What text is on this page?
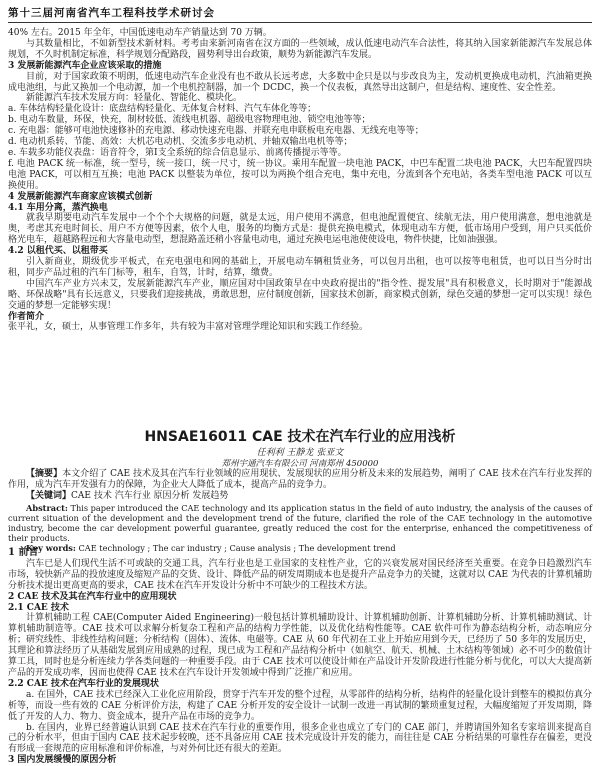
第十三届河南省汽车工程科技学术研讨会

40% 左右。2015 年全年，中国低速电动车产销量达到 70 万辆。

与其数量相比，不如新型技术新材料。考考由来新河南省在汉方面的一些领域，成认低速电动汽车合法性，将其纳入国家新能源汽车发展总体规划，不久时机制定标准，科学规划分配路段，圆势利导出台政策，顺势为新能源汽车发展。

3 发展新能源汽车企业应该采取的措施

目前，对于国家政策不明朗，低速电动汽车企业没有也不敢从长远考虑，大多数中企只是以与步改良为主，发动机更换成电动机，汽油箱更换成电池组，与此又换加一个电动源，加一个电机控制器，加一个 DCDC，换一个仪表板，真然导出这制户，但是结构、速度性、安全性差。

新能源汽车技术发展方向：轻量化、智能化、模块化。

a. 车体结构轻量化设计：底盘结构轻量化、无体复合材料、汽气车体化等等；

b. 电动车数量，环保，快充，制材较低、流线电机器、超级电容物理电池、锁空电池等等；

c. 充电器：能够可电池快速修补的充电源、移动快速充电器、并联充电申联板电充电器、无线充电等等；

d. 电动机系转、节能、高效：大机芯电动机、交流多步电动机、并轴双输出电机等等；

e. 车载多功能仪表盘：语音符令，第Ⅰ支全系统的综合信息显示、前离传播提示等等。

f. 电池 PACK 统一标准，统一型号，统一接口，统一尺寸，统一协议。乘用车配置一块电池 PACK，中巴车配置二块电池 PACK，大巴车配置四块电池 PACK，可以相互互换；电池 PACK 以整装为单位，按可以为两换个组合充电，集中充电，分流到各个充电站，各类车型电池 PACK 可以互换使用。

4 发展新能源汽车商家应该模式创新

4.1 车用分离，蒸汽换电

就我早期要电动汽车发展中一个个个大规格的问题，就是太远，用户使用不满意，但电池配置便宜、续航无法，用户使用满意，想电池就是奥，考虑其充电时间长、用户不方便等因素，依个人电，服务的均衡方式是：提供充换电模式，体现电动车方便，低市场用户受到，用户只买低价格光电车，超越路程远和大容量电动型，想混路盖还稍小容量电动电，通过充换电运电池使使设电，物件快捷，比如油强强。

4.2 以租代买、以租带买

引入新商业，期级优步平板式，在充电强电和网的基础上，开展电动车辆租赁业务，可以包月出租，也可以按等电租赁，也可以日当分时出租，同步产品过租的汽车门标等，租车，自驾，计时，结算，缴费。

中国汽车产业方兴未艾，发展新能源汽车产业，顺应国对中国政策早在中央政府提出的"指令性、提发展"具有积极意义，长时期对于"能源战略、环保战略"具有长远意义，只要我们迎接挑战，勇敢思想，应付制度创新，国家技术创新，商家模式创新，绿色交通的梦想一定可以实现！绿色交通的梦想一定能够实现！

作者简介

张平礼，女，硕士，从事管理工作多年，共有较为丰富对管理学理论知识和实践工作经验。

HNSAE16011 CAE 技术在汽车行业的应用浅析
任利利 王静龙 张亚文
郑州宇通汽车有限公司 河南郑州 450000

【摘要】本文介绍了 CAE 技术及其在汽车行业领域的应用现状、发展现状的应用分析及未来的发展趋势，阐明了 CAE 技术在汽车行业发挥的作用，成为汽车开发强有力的保障，为企业大人降低了成本，提高产品的竞争力。

【关键词】CAE 技术 汽车行业 原因分析 发展趋势

Abstract: This paper introduced the CAE technology and its application status in the field of auto industry, the analysis of the causes of current situation of the development and the development trend of the future, clarified the role of the CAE technology in the automotive industry, become the car development powerful guarantee, greatly reduced the cost for the enterprise, enhanced the competitiveness of their products.

Key words: CAE technology ; The car industry ; Cause analysis ; The development trend

1 前言

汽车已是人们现代生活不可或缺的交通工具，汽车行业也是工业国家的支柱性产业，它的兴衰发展对国民经济至关重要。在竞争日趋激烈汽车市场，较快新产品的投放速度及缩短产品的交货、设计、降低产品的研发周期成本也是提升产品竞争力的关键，这就对以 CAE 为代表的计算机辅助分析技术提出更高更高的要求，CAE 技术在汽车开发设计分析中不可缺少的工程技术方法。

2 CAE 技术及其在汽车行业中的应用现状

2.1 CAE 技术

计算机辅助工程 CAE(Computer Aided Engineering)一般包括计算机辅助设计、计算机辅助创新、计算机辅助分析、计算机辅助测试、计算机辅助制造等。CAE 技术可以求解分析复杂工程和产品的结构力学性能，以及优化结构性能等。CAE 软件可作为静态结构分析，动态响应分析；研究线性、非线性结构问题；分析结构（固体）、流体、电磁等。CAE 从 60 年代初在工业上开始应用到今天，已经历了 50 多年的发展历史，其理论和算法经历了从基础发展到应用成熟的过程，现已成为工程和产品结构分析中（如航空、航天、机械、土木结构等领域）必不可少的数值计算工具，同时也是分析连续力学各类问题的一种重要手段。由于 CAE 技术可以使设计师在产品设计开发阶段进行性能分析与优化，可以大大提高新产品的开发成功率，因而也使得 CAE 技术在汽车设计开发领域中得到广泛推广和应用。

2.2 CAE 技术在汽车行业的发展现状

a. 在国外，CAE 技术已经深入工业化应用阶段，贯穿于汽车开发的整个过程，从零部件的结构分析，结构件的轻量化设计到整车的模拟仿真分析等，而设一些有效的 CAE 分析评价方法，构建了 CAE 分析开发的安全设计一试制一改进一再试制的繁琐重复过程，大幅度缩短了开发周期，降低了开发的人力、物力、资金成本，提升产品在市场的竞争力。

b. 在国内，业界已经普遍认识到 CAE 技术在汽车行业的重要作用，很多企业也成立了专门的 CAE 部门，并聘请国外知名专家培训来提高自己的分析水平，但由于国内 CAE 技术起步较晚，还不具备应用 CAE 技术完成设计开发的能力，而往往是 CAE 分析结果的可靠性存在偏差，更没有形成一套规范的应用标准和评价标准，与对外何比还有很大的差距。

3 国内发展缓慢的原因分析
